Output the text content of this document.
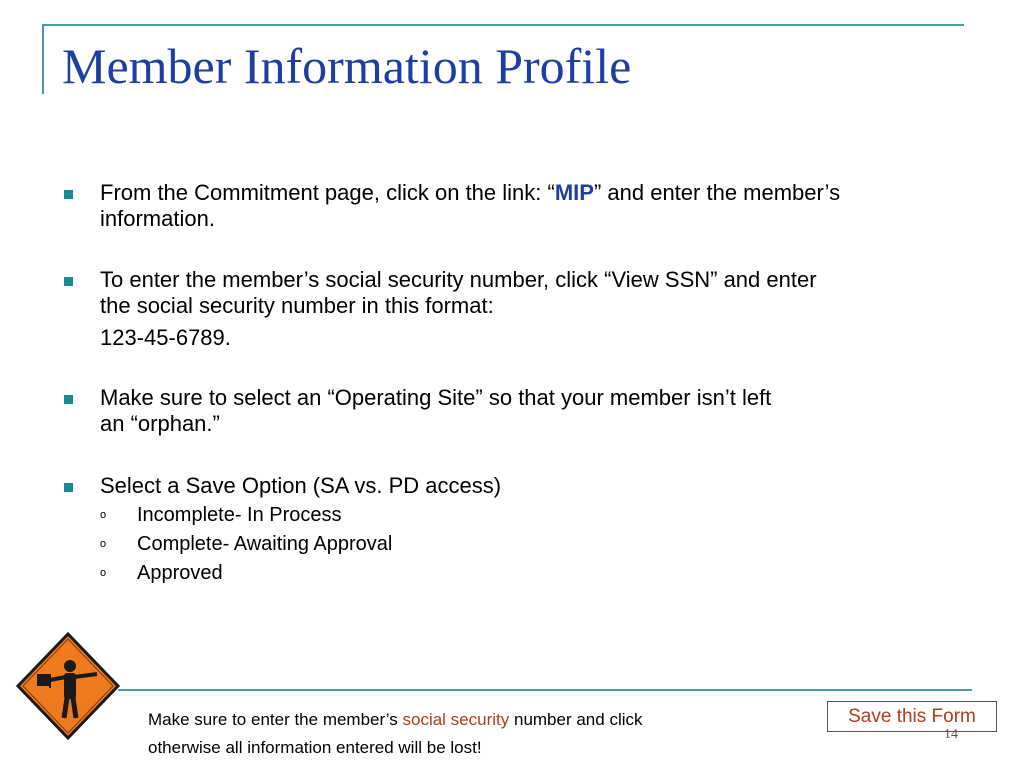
Member Information Profile
From the Commitment page, click on the link: “MIP” and enter the member’s
information.
To enter the member’s social security number, click “View SSN” and enter
the social security number in this format:
123-45-6789.
Make sure to select an “Operating Site” so that your member isn’t left
an “orphan.”
Select a Save Option (SA vs. PD access)
o Incomplete- In Process
o Complete- Awaiting Approval
o Approved
Make sure to enter the member’s social security number and click
otherwise all information entered will be lost!
Save this Form
14
